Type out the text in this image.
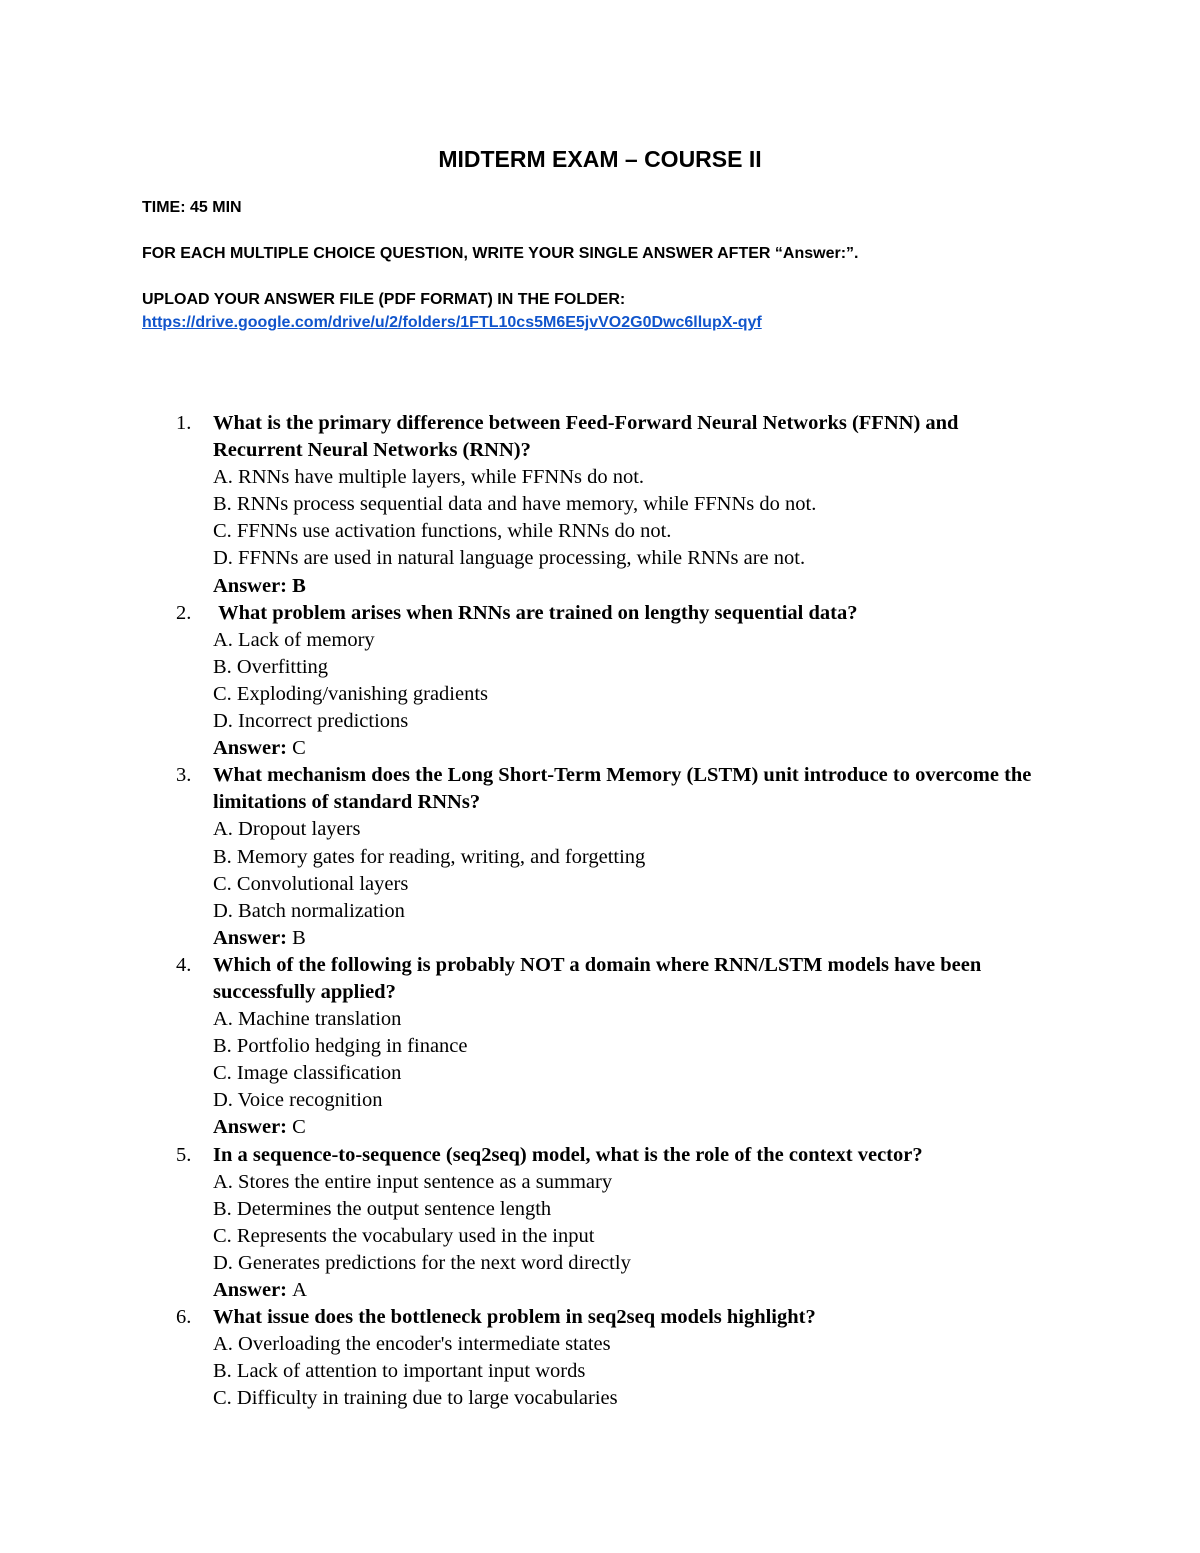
MIDTERM EXAM – COURSE II
TIME: 45 MIN
FOR EACH MULTIPLE CHOICE QUESTION, WRITE YOUR SINGLE ANSWER AFTER “Answer:”.
UPLOAD YOUR ANSWER FILE (PDF FORMAT) IN THE FOLDER:
https://drive.google.com/drive/u/2/folders/1FTL10cs5M6E5jvVO2G0Dwc6llupX-qyf
1. What is the primary difference between Feed-Forward Neural Networks (FFNN) and Recurrent Neural Networks (RNN)?
A. RNNs have multiple layers, while FFNNs do not.
B. RNNs process sequential data and have memory, while FFNNs do not.
C. FFNNs use activation functions, while RNNs do not.
D. FFNNs are used in natural language processing, while RNNs are not.
Answer: B
2. What problem arises when RNNs are trained on lengthy sequential data?
A. Lack of memory
B. Overfitting
C. Exploding/vanishing gradients
D. Incorrect predictions
Answer: C
3. What mechanism does the Long Short-Term Memory (LSTM) unit introduce to overcome the limitations of standard RNNs?
A. Dropout layers
B. Memory gates for reading, writing, and forgetting
C. Convolutional layers
D. Batch normalization
Answer: B
4. Which of the following is probably NOT a domain where RNN/LSTM models have been successfully applied?
A. Machine translation
B. Portfolio hedging in finance
C. Image classification
D. Voice recognition
Answer: C
5. In a sequence-to-sequence (seq2seq) model, what is the role of the context vector?
A. Stores the entire input sentence as a summary
B. Determines the output sentence length
C. Represents the vocabulary used in the input
D. Generates predictions for the next word directly
Answer: A
6. What issue does the bottleneck problem in seq2seq models highlight?
A. Overloading the encoder's intermediate states
B. Lack of attention to important input words
C. Difficulty in training due to large vocabularies
